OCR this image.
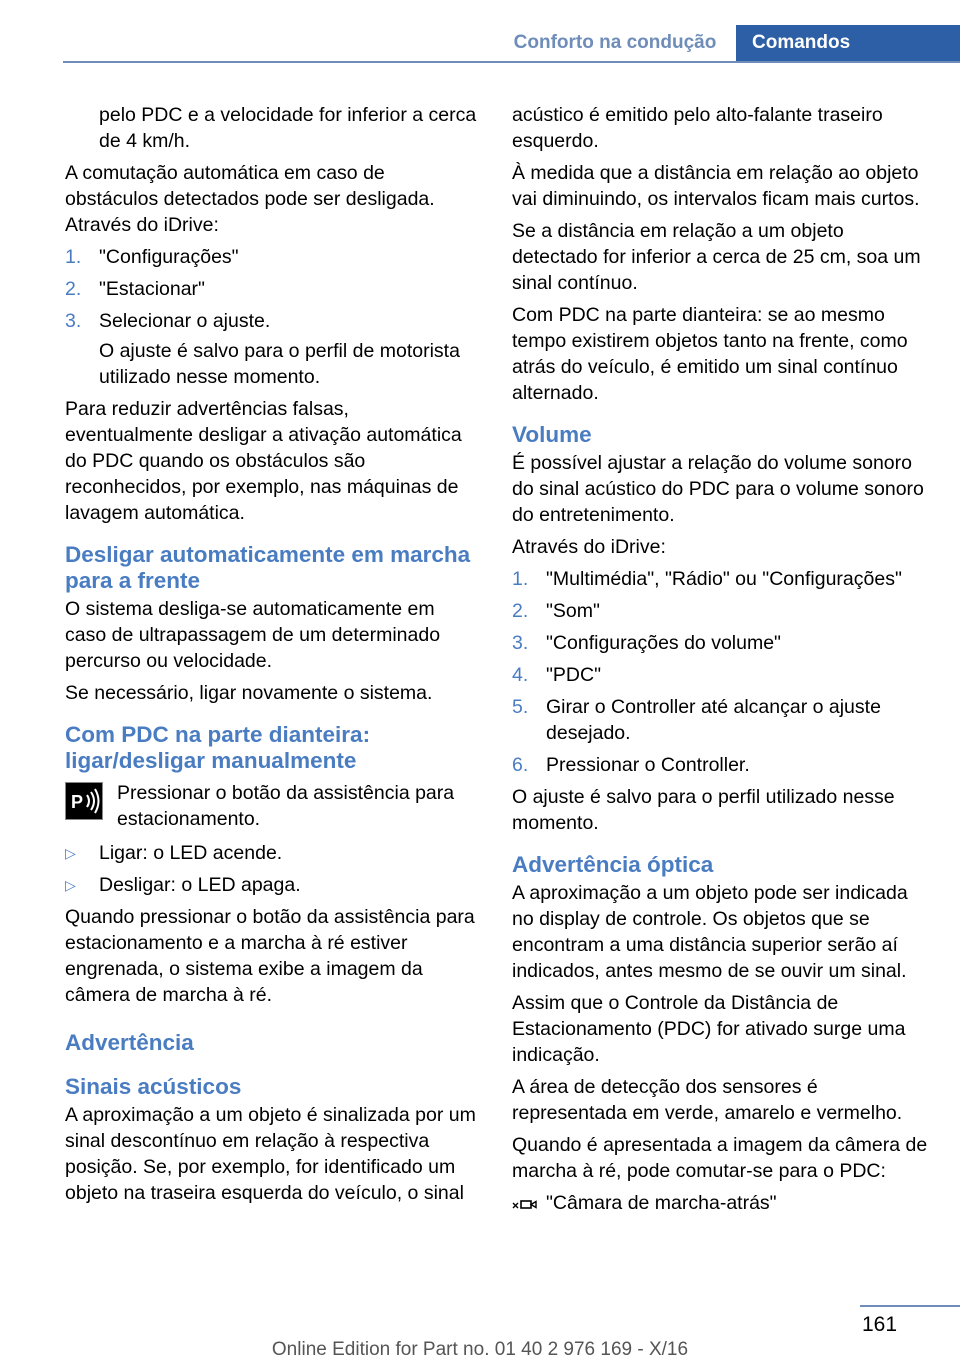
Conforto na condução	Comandos

pelo PDC e a velocidade for inferior a cerca de 4 km/h.

A comutação automática em caso de obstáculos detectados pode ser desligada. Através do iDrive:

1. "Configurações"
2. "Estacionar"
3. Selecionar o ajuste.

O ajuste é salvo para o perfil de motorista utilizado nesse momento.

Para reduzir advertências falsas, eventualmente desligar a ativação automática do PDC quando os obstáculos são reconhecidos, por exemplo, nas máquinas de lavagem automática.

Desligar automaticamente em marcha para a frente

O sistema desliga-se automaticamente em caso de ultrapassagem de um determinado percurso ou velocidade.

Se necessário, ligar novamente o sistema.

Com PDC na parte dianteira: ligar/desligar manualmente
P Pressionar o botão da assistência para estacionamento.
▷ Ligar: o LED acende.
▷ Desligar: o LED apaga.

Quando pressionar o botão da assistência para estacionamento e a marcha à ré estiver engrenada, o sistema exibe a imagem da câmera de marcha à ré.

Advertência
Sinais acústicos

A aproximação a um objeto é sinalizada por um sinal descontínuo em relação à respectiva posição. Se, por exemplo, for identificado um objeto na traseira esquerda do veículo, o sinal

acústico é emitido pelo alto-falante traseiro esquerdo.

À medida que a distância em relação ao objeto vai diminuindo, os intervalos ficam mais curtos.

Se a distância em relação a um objeto detectado for inferior a cerca de 25 cm, soa um sinal contínuo.

Com PDC na parte dianteira: se ao mesmo tempo existirem objetos tanto na frente, como atrás do veículo, é emitido um sinal contínuo alternado.

Volume

É possível ajustar a relação do volume sonoro do sinal acústico do PDC para o volume sonoro do entretenimento.

Através do iDrive:

1. "Multimédia", "Rádio" ou "Configurações"
2. "Som"
3. "Configurações do volume"
4. "PDC"
5. Girar o Controller até alcançar o ajuste desejado.
6. Pressionar o Controller.

O ajuste é salvo para o perfil utilizado nesse momento.

Advertência óptica

A aproximação a um objeto pode ser indicada no display de controle. Os objetos que se encontram a uma distância superior serão aí indicados, antes mesmo de se ouvir um sinal.

Assim que o Controle da Distância de Estacionamento (PDC) for ativado surge uma indicação.

A área de detecção dos sensores é representada em verde, amarelo e vermelho.

Quando é apresentada a imagem da câmera de marcha à ré, pode comutar-se para o PDC:

"Câmara de marcha-atrás"
161
Online Edition for Part no. 01 40 2 976 169 - X/16
